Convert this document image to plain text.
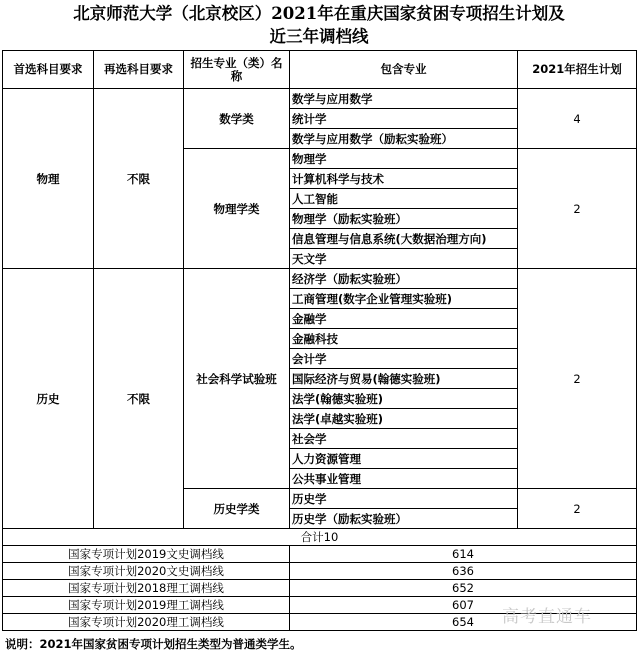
北京师范大学（北京校区）2021年在重庆国家贫困专项招生计划及
近三年调档线
首选科目要求	再选科目要求	招生专业（类）名称	包含专业	2021年招生计划
物理	不限	数学类	数学与应用数学	4
			统计学	
			数学与应用数学（励耘实验班）	
		物理学类	物理学	2
			计算机科学与技术	
			人工智能	
			物理学（励耘实验班）	
			信息管理与信息系统(大数据治理方向)	
			天文学	
历史	不限	社会科学试验班	经济学（励耘实验班）	2
			工商管理(数字企业管理实验班)	
			金融学	
			金融科技	
			会计学	
			国际经济与贸易(翰德实验班)	
			法学(翰德实验班)	
			法学(卓越实验班)	
			社会学	
			人力资源管理	
			公共事业管理	
		历史学类	历史学	2
			历史学（励耘实验班）	
合计10				
国家专项计划2019文史调档线			614	
国家专项计划2020文史调档线			636	
国家专项计划2018理工调档线			652	
国家专项计划2019理工调档线			607	
国家专项计划2020理工调档线			654	
说明：2021年国家贫困专项计划招生类型为普通类学生。
高考直通车
